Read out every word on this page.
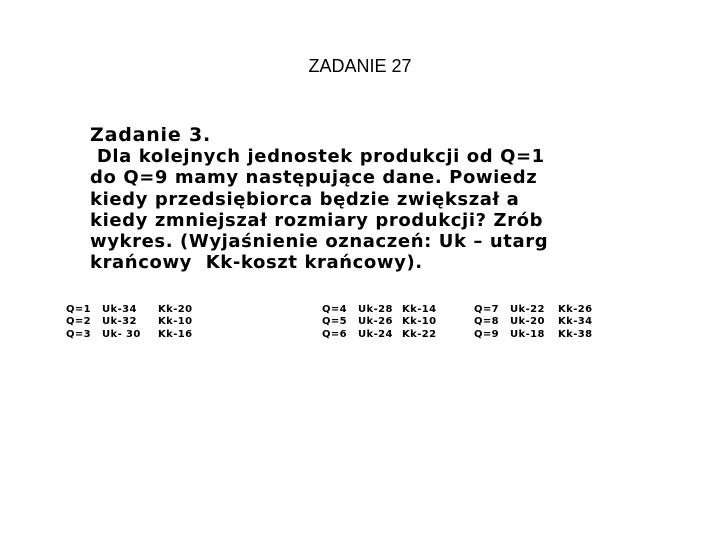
ZADANIE 27
Zadanie 3.
Dla kolejnych jednostek produkcji od Q=1
do Q=9 mamy następujące dane. Powiedz
kiedy przedsiębiorca będzie zwiększał a
kiedy zmniejszał rozmiary produkcji? Zrób
wykres. (Wyjaśnienie oznaczeń: Uk – utarg
krańcowy  Kk-koszt krańcowy).

Q=1

Uk-34

Kk-20

Q=2

Uk-32

Kk-10

Q=3

Uk- 30

Kk-16

Q=4

Uk-28

Kk-14

Q=5

Uk-26

Kk-10

Q=6

Uk-24

Kk-22

Q=7

Uk-22

Kk-26

Q=8

Uk-20

Kk-34

Q=9

Uk-18

Kk-38
